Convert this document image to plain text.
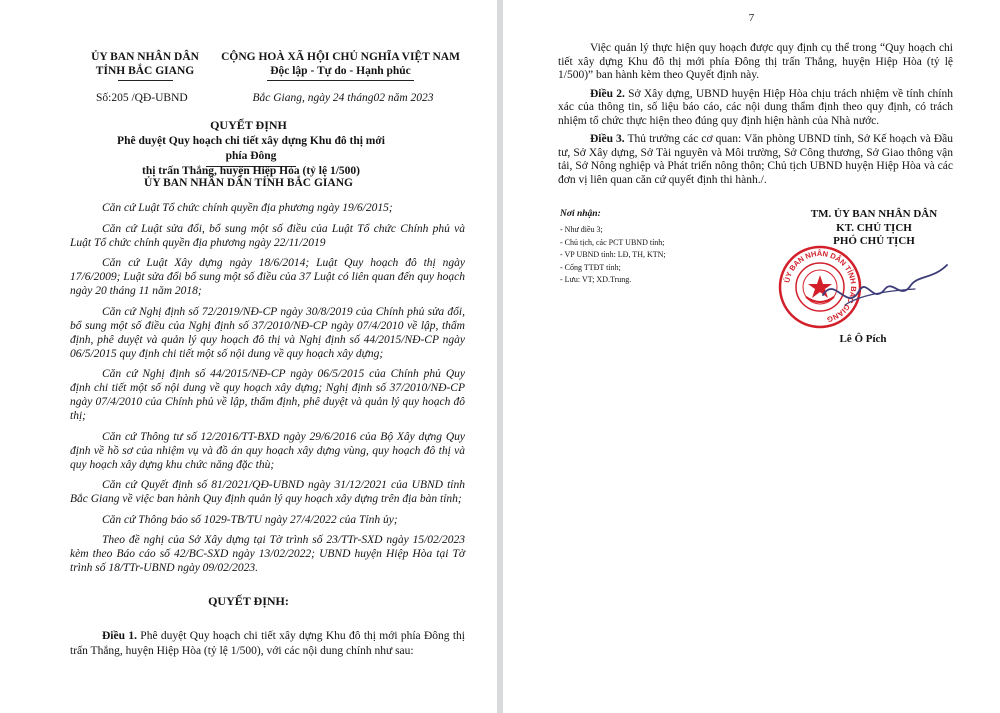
ỦY BAN NHÂN DÂN
TỈNH BẮC GIANG
Số:205 /QĐ-UBND
CỘNG HOÀ XÃ HỘI CHỦ NGHĨA VIỆT NAM
Độc lập - Tự do - Hạnh phúc
Bắc Giang, ngày 24 tháng02 năm 2023
QUYẾT ĐỊNH
Phê duyệt Quy hoạch chi tiết xây dựng Khu đô thị mới phía Đông
thị trấn Thắng, huyện Hiệp Hòa (tỷ lệ 1/500)
ỦY BAN NHÂN DÂN TỈNH BẮC GIANG

Căn cứ Luật Tổ chức chính quyền địa phương ngày 19/6/2015;

Căn cứ Luật sửa đổi, bổ sung một số điều của Luật Tổ chức Chính phủ và Luật Tổ chức chính quyền địa phương ngày 22/11/2019

Căn cứ Luật Xây dựng ngày 18/6/2014; Luật Quy hoạch đô thị ngày 17/6/2009; Luật sửa đổi bổ sung một số điều của 37 Luật có liên quan đến quy hoạch ngày 20 tháng 11 năm 2018;

Căn cứ Nghị định số 72/2019/NĐ-CP ngày 30/8/2019 của Chính phủ sửa đổi, bổ sung một số điều của Nghị định số 37/2010/NĐ-CP ngày 07/4/2010 về lập, thẩm định, phê duyệt và quản lý quy hoạch đô thị và Nghị định số 44/2015/NĐ-CP ngày 06/5/2015 quy định chi tiết một số nội dung về quy hoạch xây dựng;

Căn cứ Nghị định số 44/2015/NĐ-CP ngày 06/5/2015 của Chính phủ Quy định chi tiết một số nội dung về quy hoạch xây dựng; Nghị định số 37/2010/NĐ-CP ngày 07/4/2010 của Chính phủ về lập, thẩm định, phê duyệt và quản lý quy hoạch đô thị;

Căn cứ Thông tư số 12/2016/TT-BXD ngày 29/6/2016 của Bộ Xây dựng Quy định về hồ sơ của nhiệm vụ và đồ án quy hoạch xây dựng vùng, quy hoạch đô thị và quy hoạch xây dựng khu chức năng đặc thù;

Căn cứ Quyết định số 81/2021/QĐ-UBND ngày 31/12/2021 của UBND tỉnh Bắc Giang về việc ban hành Quy định quản lý quy hoạch xây dựng trên địa bàn tỉnh;

Căn cứ Thông báo số 1029-TB/TU ngày 27/4/2022 của Tỉnh ủy;

Theo đề nghị của Sở Xây dựng tại Tờ trình số 23/TTr-SXD ngày 15/02/2023 kèm theo Báo cáo số 42/BC-SXD ngày 13/02/2022; UBND huyện Hiệp Hòa tại Tờ trình số 18/TTr-UBND ngày 09/02/2023.

QUYẾT ĐỊNH:

Điều 1. Phê duyệt Quy hoạch chi tiết xây dựng Khu đô thị mới phía Đông thị trấn Thắng, huyện Hiệp Hòa (tỷ lệ 1/500), với các nội dung chính như sau:

7

Việc quản lý thực hiện quy hoạch được quy định cụ thể trong “Quy hoạch chi tiết xây dựng Khu đô thị mới phía Đông thị trấn Thắng, huyện Hiệp Hòa (tỷ lệ 1/500)” ban hành kèm theo Quyết định này.

Điều 2. Sở Xây dựng, UBND huyện Hiệp Hòa chịu trách nhiệm về tính chính xác của thông tin, số liệu báo cáo, các nội dung thẩm định theo quy định, có trách nhiệm tổ chức thực hiện theo đúng quy định hiện hành của Nhà nước.

Điều 3. Thủ trưởng các cơ quan: Văn phòng UBND tỉnh, Sở Kế hoạch và Đầu tư, Sở Xây dựng, Sở Tài nguyên và Môi trường, Sở Công thương, Sở Giao thông vận tải, Sở Nông nghiệp và Phát triển nông thôn; Chủ tịch UBND huyện Hiệp Hòa và các đơn vị liên quan căn cứ quyết định thi hành./.

Nơi nhận:
- Như điều 3;
- Chủ tịch, các PCT UBND tỉnh;
- VP UBND tỉnh: LĐ, TH, KTN;
- Cổng TTĐT tỉnh;
- Lưu: VT; XD.Trung.
TM. ỦY BAN NHÂN DÂN
KT. CHỦ TỊCH
PHÓ CHỦ TỊCH
ỦY BAN NHÂN DÂN TỈNH BẮC GIANG
Lê Ô Pích
